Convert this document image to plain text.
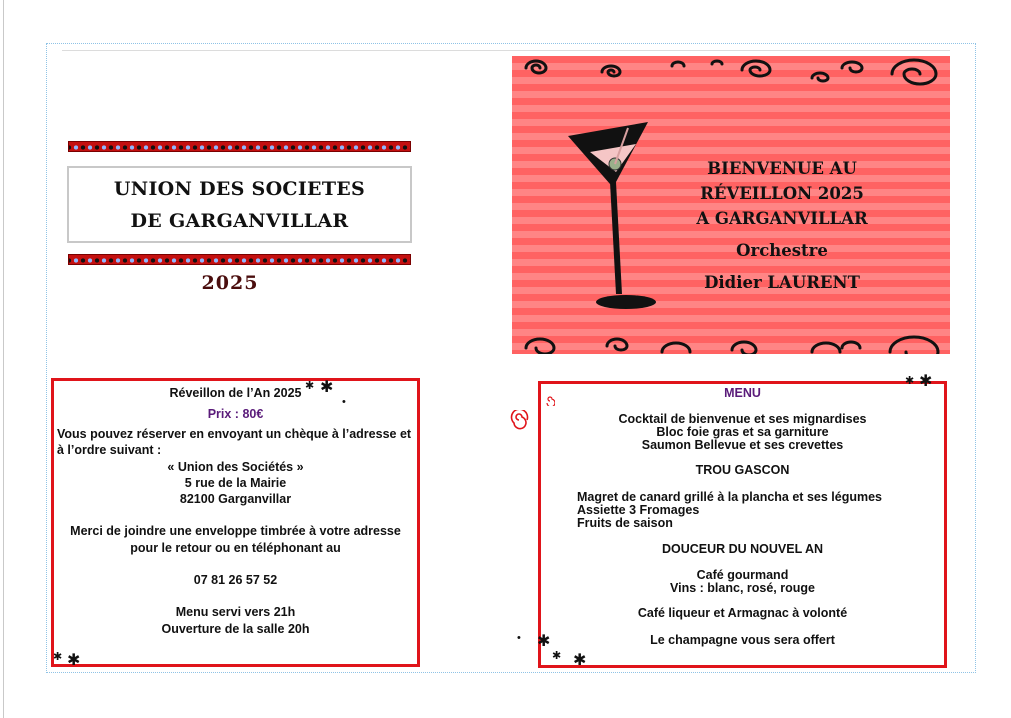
UNION DES SOCIETES
DE GARGANVILLAR
2025
BIENVENUE AU
RÉVEILLON 2025
A GARGANVILLAR
Orchestre
Didier LAURENT
Réveillon de l’An 2025
Prix : 80€
Vous pouvez réserver en envoyant un chèque à l’adresse et
à l’ordre suivant :
« Union des Sociétés »
5 rue de la Mairie
82100 Garganvillar
Merci de joindre une enveloppe timbrée à votre adresse
pour le retour ou en téléphonant au
07 81 26 57 52
Menu servi vers 21h
Ouverture de la salle 20h
MENU
Cocktail de bienvenue et ses mignardises
Bloc foie gras et sa garniture
Saumon Bellevue et ses crevettes
TROU GASCON
Magret de canard grillé à la plancha et ses légumes
Assiette 3 Fromages
Fruits de saison
DOUCEUR DU NOUVEL AN
Café gourmand
Vins : blanc, rosé, rouge
Café liqueur et Armagnac à volonté
Le champagne vous sera offert
✱ ✱
•
✱ ✱
✱ ✱
• ✱
✱ ✱
